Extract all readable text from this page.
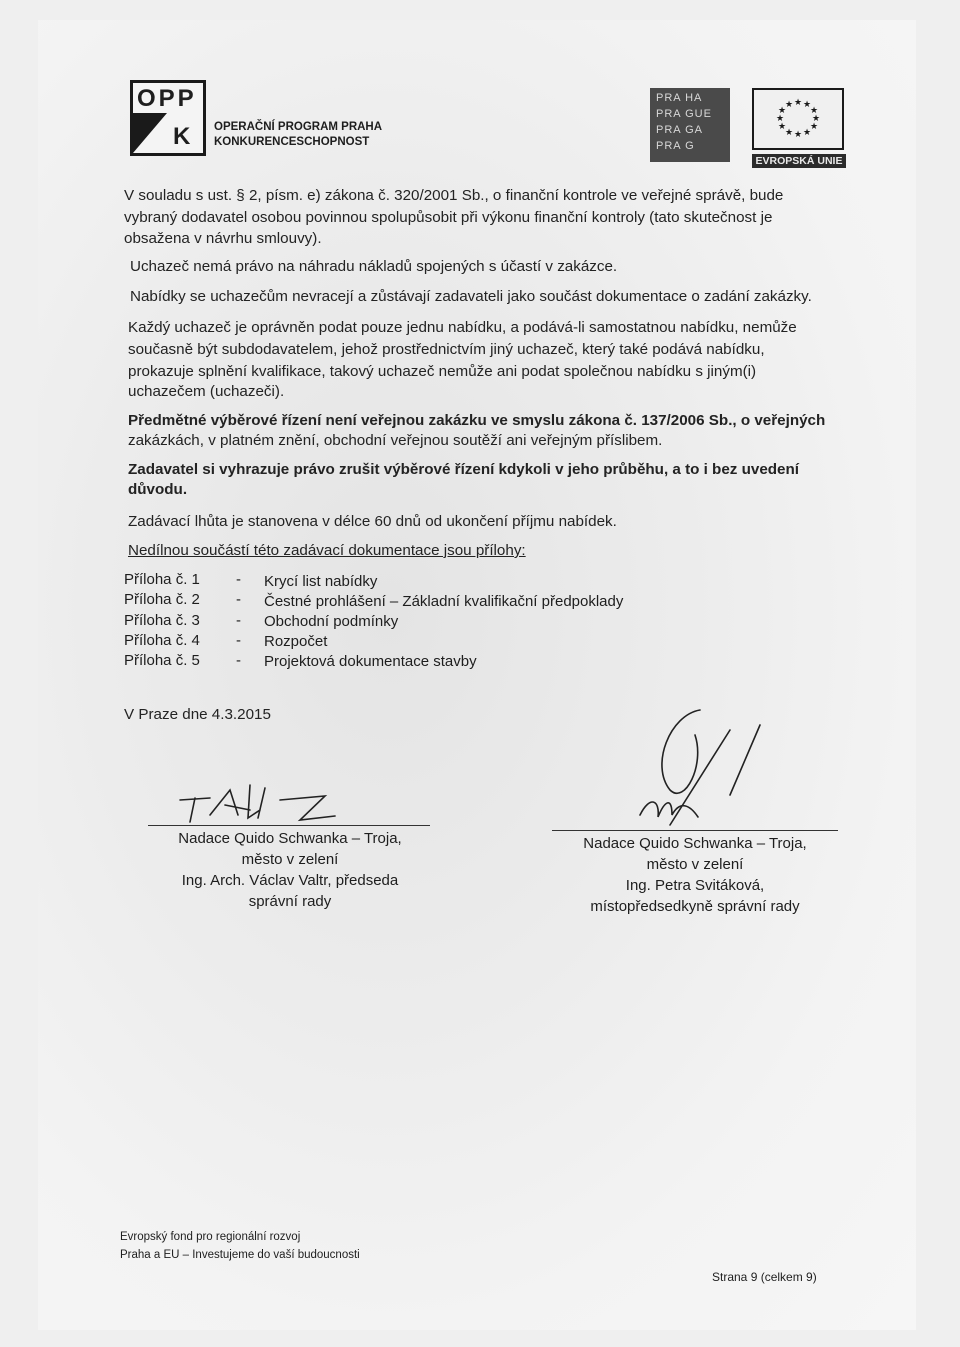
OPP
K OPERAČNÍ PROGRAM PRAHA
KONKURENCESCHOPNOST
PRA HA
PRA GUE
PRA GA
PRA G
★ ★
★
★
★
★
★
★
★
★
★
★
EVROPSKÁ UNIE
V souladu s ust. § 2, písm. e) zákona č. 320/2001 Sb., o finanční kontrole ve veřejné správě, bude
vybraný dodavatel osobou povinnou spolupůsobit při výkonu finanční kontroly (tato skutečnost je
obsažena v návrhu smlouvy).
Uchazeč nemá právo na náhradu nákladů spojených s účastí v zakázce.
Nabídky se uchazečům nevracejí a zůstávají zadavateli jako součást dokumentace o zadání zakázky.
Každý uchazeč je oprávněn podat pouze jednu nabídku, a podává-li samostatnou nabídku, nemůže
současně být subdodavatelem, jehož prostřednictvím jiný uchazeč, který také podává nabídku,
prokazuje splnění kvalifikace, takový uchazeč nemůže ani podat společnou nabídku s jiným(i)
uchazečem (uchazeči).
Předmětné výběrové řízení není veřejnou zakázku ve smyslu zákona č. 137/2006 Sb., o veřejných
zakázkách, v platném znění, obchodní veřejnou soutěží ani veřejným příslibem.
Zadavatel si vyhrazuje právo zrušit výběrové řízení kdykoli v jeho průběhu, a to i bez uvedení
důvodu.
Zadávací lhůta je stanovena v délce 60 dnů od ukončení příjmu nabídek.
Nedílnou součástí této zadávací dokumentace jsou přílohy:
Příloha č. 1 - Krycí list nabídky
Příloha č. 2 - Čestné prohlášení – Základní kvalifikační předpoklady
Příloha č. 3 - Obchodní podmínky
Příloha č. 4 - Rozpočet
Příloha č. 5 - Projektová dokumentace stavby
V Praze dne 4.3.2015
Nadace Quido Schwanka – Troja,
město v zelení
Ing. Arch. Václav Valtr, předseda
správní rady
Nadace Quido Schwanka – Troja,
město v zelení
Ing. Petra Svitáková,
místopředsedkyně správní rady
Evropský fond pro regionální rozvoj
Praha a EU – Investujeme do vaší budoucnosti
Strana 9 (celkem 9)
